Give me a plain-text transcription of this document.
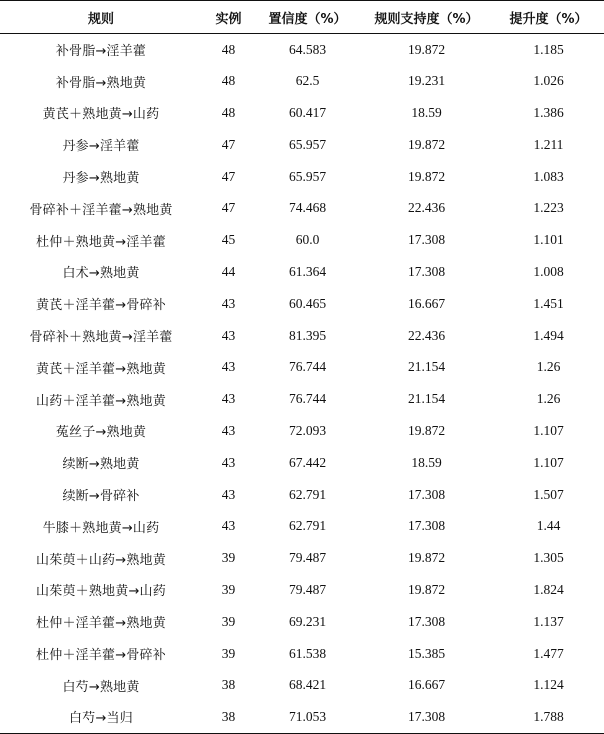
规则	实例	置信度（%）	规则支持度（%）	提升度（%）
补骨脂→淫羊藿	48	64.583	19.872	1.185
补骨脂→熟地黄	48	62.5	19.231	1.026
黄芪＋熟地黄→山药	48	60.417	18.59	1.386
丹参→淫羊藿	47	65.957	19.872	1.211
丹参→熟地黄	47	65.957	19.872	1.083
骨碎补＋淫羊藿→熟地黄	47	74.468	22.436	1.223
杜仲＋熟地黄→淫羊藿	45	60.0	17.308	1.101
白术→熟地黄	44	61.364	17.308	1.008
黄芪＋淫羊藿→骨碎补	43	60.465	16.667	1.451
骨碎补＋熟地黄→淫羊藿	43	81.395	22.436	1.494
黄芪＋淫羊藿→熟地黄	43	76.744	21.154	1.26
山药＋淫羊藿→熟地黄	43	76.744	21.154	1.26
菟丝子→熟地黄	43	72.093	19.872	1.107
续断→熟地黄	43	67.442	18.59	1.107
续断→骨碎补	43	62.791	17.308	1.507
牛膝＋熟地黄→山药	43	62.791	17.308	1.44
山茱萸＋山药→熟地黄	39	79.487	19.872	1.305
山茱萸＋熟地黄→山药	39	79.487	19.872	1.824
杜仲＋淫羊藿→熟地黄	39	69.231	17.308	1.137
杜仲＋淫羊藿→骨碎补	39	61.538	15.385	1.477
白芍→熟地黄	38	68.421	16.667	1.124
白芍→当归	38	71.053	17.308	1.788
